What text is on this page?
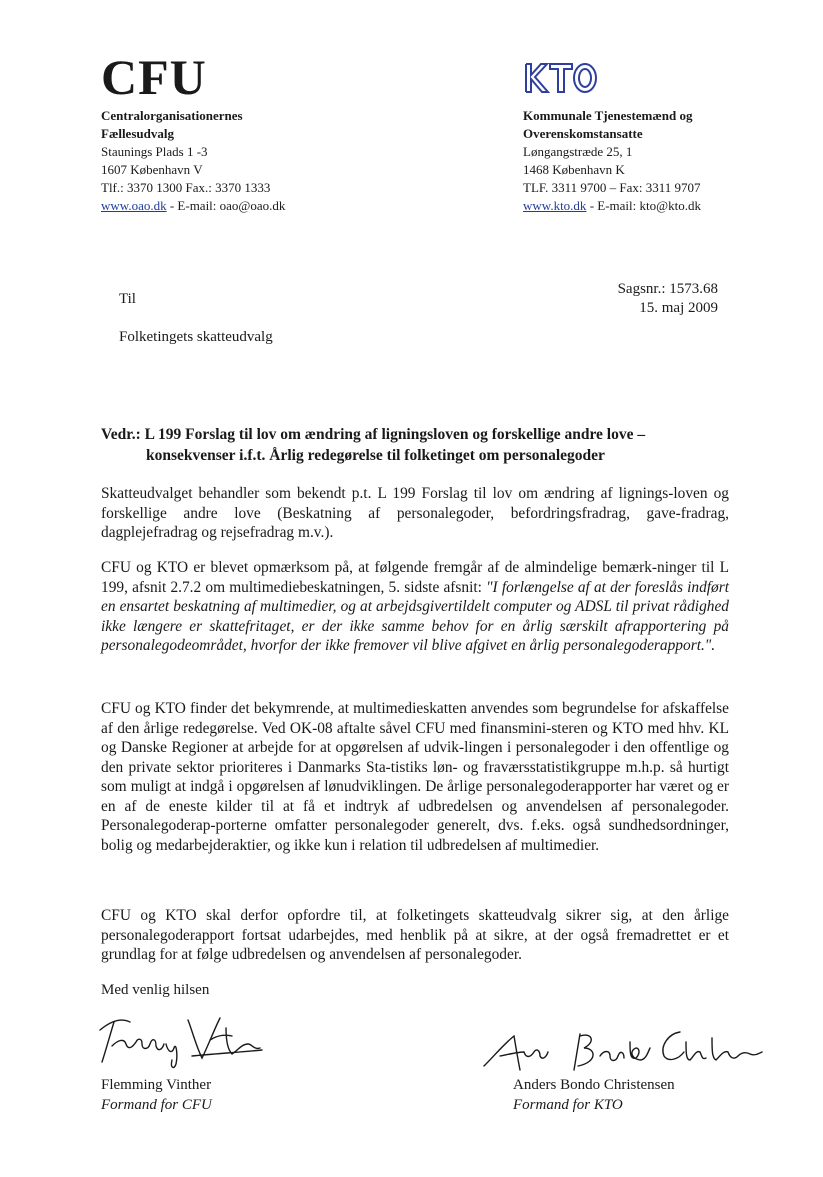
CFU
Centralorganisationernes
Fællesudvalg
Staunings Plads 1 -3
1607 København V
Tlf.: 3370 1300 Fax.: 3370 1333
www.oao.dk - E-mail: oao@oao.dk
Kommunale Tjenestemænd og
Overenskomstansatte
Løngangstræde 25, 1
1468 København K
TLF. 3311 9700 – Fax: 3311 9707
www.kto.dk - E-mail: kto@kto.dk
Til
Folketingets skatteudvalg
Sagsnr.: 1573.68
15. maj 2009
Vedr.: L 199 Forslag til lov om ændring af ligningsloven og forskellige andre love –
konsekvenser i.f.t. Årlig redegørelse til folketinget om personalegoder
Skatteudvalget behandler som bekendt p.t. L 199 Forslag til lov om ændring af lignings-loven og forskellige andre love (Beskatning af personalegoder, befordringsfradrag, gave-fradrag, dagplejefradrag og rejsefradrag m.v.).
CFU og KTO er blevet opmærksom på, at følgende fremgår af de almindelige bemærk-ninger til L 199, afsnit 2.7.2 om multimediebeskatningen, 5. sidste afsnit: "I forlængelse af at der foreslås indført en ensartet beskatning af multimedier, og at arbejdsgivertildelt computer og ADSL til privat rådighed ikke længere er skattefritaget, er der ikke samme behov for en årlig særskilt afrapportering på personalegodeområdet, hvorfor der ikke fremover vil blive afgivet en årlig personalegoderapport.".
CFU og KTO finder det bekymrende, at multimedieskatten anvendes som begrundelse for afskaffelse af den årlige redegørelse. Ved OK-08 aftalte såvel CFU med finansmini-steren og KTO med hhv. KL og Danske Regioner at arbejde for at opgørelsen af udvik-lingen i personalegoder i den offentlige og den private sektor prioriteres i Danmarks Sta-tistiks løn- og fraværsstatistikgruppe m.h.p. så hurtigt som muligt at indgå i opgørelsen af lønudviklingen. De årlige personalegoderapporter har været og er en af de eneste kilder til at få et indtryk af udbredelsen og anvendelsen af personalegoder. Personalegoderap-porterne omfatter personalegoder generelt, dvs. f.eks. også sundhedsordninger, bolig og medarbejderaktier, og ikke kun i relation til udbredelsen af multimedier.
CFU og KTO skal derfor opfordre til, at folketingets skatteudvalg sikrer sig, at den årlige personalegoderapport fortsat udarbejdes, med henblik på at sikre, at der også fremadrettet er et grundlag for at følge udbredelsen og anvendelsen af personalegoder.
Med venlig hilsen
Flemming Vinther
Formand for CFU
Anders Bondo Christensen
Formand for KTO
